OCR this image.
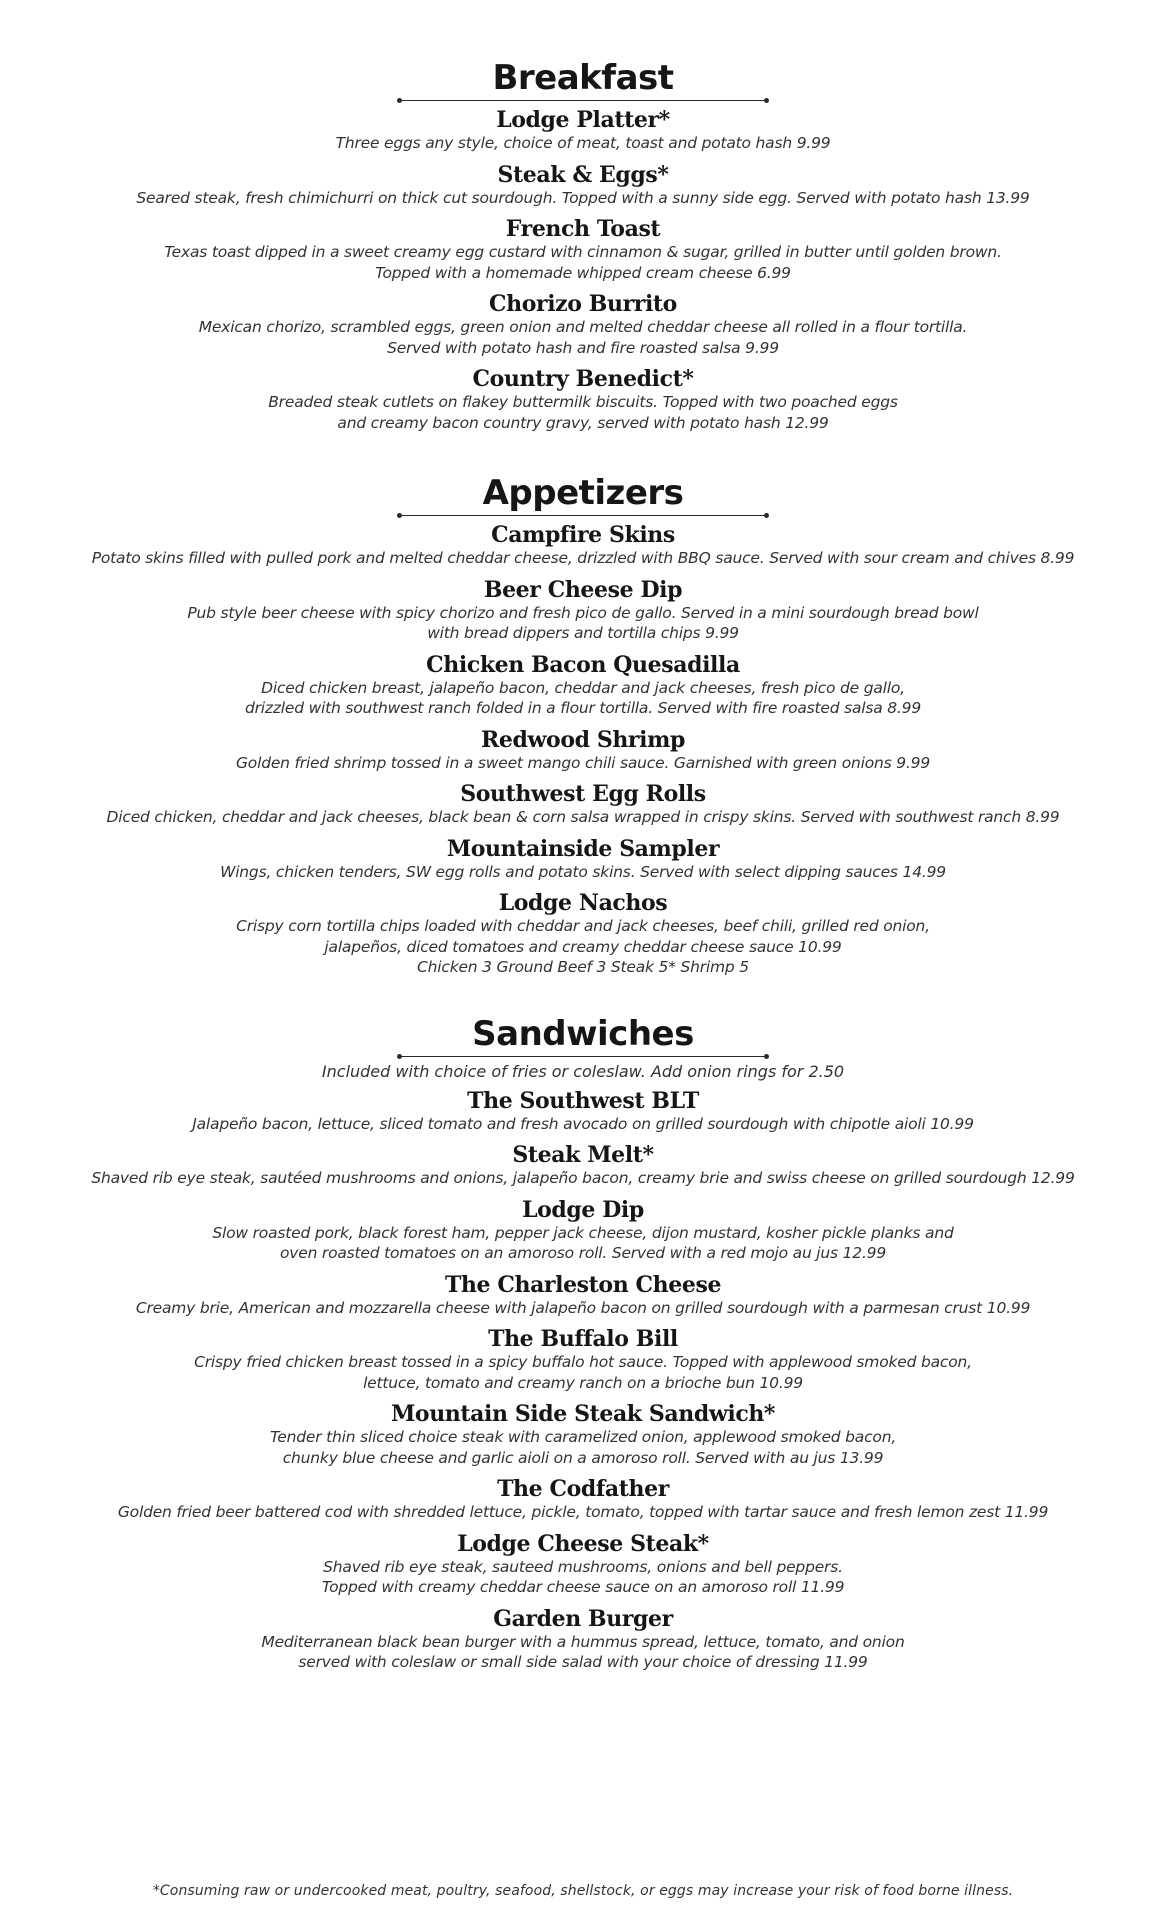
Breakfast
Lodge Platter*
Three eggs any style, choice of meat, toast and potato hash 9.99
Steak & Eggs*
Seared steak, fresh chimichurri on thick cut sourdough. Topped with a sunny side egg. Served with potato hash 13.99
French Toast
Texas toast dipped in a sweet creamy egg custard with cinnamon & sugar, grilled in butter until golden brown.
Topped with a homemade whipped cream cheese 6.99
Chorizo Burrito
Mexican chorizo, scrambled eggs, green onion and melted cheddar cheese all rolled in a flour tortilla.
Served with potato hash and fire roasted salsa 9.99
Country Benedict*
Breaded steak cutlets on flakey buttermilk biscuits. Topped with two poached eggs
and creamy bacon country gravy, served with potato hash 12.99
Appetizers
Campfire Skins
Potato skins filled with pulled pork and melted cheddar cheese, drizzled with BBQ sauce. Served with sour cream and chives 8.99
Beer Cheese Dip
Pub style beer cheese with spicy chorizo and fresh pico de gallo. Served in a mini sourdough bread bowl
with bread dippers and tortilla chips 9.99
Chicken Bacon Quesadilla
Diced chicken breast, jalapeño bacon, cheddar and jack cheeses, fresh pico de gallo,
drizzled with southwest ranch folded in a flour tortilla. Served with fire roasted salsa 8.99
Redwood Shrimp
Golden fried shrimp tossed in a sweet mango chili sauce. Garnished with green onions 9.99
Southwest Egg Rolls
Diced chicken, cheddar and jack cheeses, black bean & corn salsa wrapped in crispy skins. Served with southwest ranch 8.99
Mountainside Sampler
Wings, chicken tenders, SW egg rolls and potato skins. Served with select dipping sauces 14.99
Lodge Nachos
Crispy corn tortilla chips loaded with cheddar and jack cheeses, beef chili, grilled red onion,
jalapeños, diced tomatoes and creamy cheddar cheese sauce 10.99
Chicken 3 Ground Beef 3 Steak 5* Shrimp 5
Sandwiches
Included with choice of fries or coleslaw. Add onion rings for 2.50
The Southwest BLT
Jalapeño bacon, lettuce, sliced tomato and fresh avocado on grilled sourdough with chipotle aioli 10.99
Steak Melt*
Shaved rib eye steak, sautéed mushrooms and onions, jalapeño bacon, creamy brie and swiss cheese on grilled sourdough 12.99
Lodge Dip
Slow roasted pork, black forest ham, pepper jack cheese, dijon mustard, kosher pickle planks and
oven roasted tomatoes on an amoroso roll. Served with a red mojo au jus 12.99
The Charleston Cheese
Creamy brie, American and mozzarella cheese with jalapeño bacon on grilled sourdough with a parmesan crust 10.99
The Buffalo Bill
Crispy fried chicken breast tossed in a spicy buffalo hot sauce. Topped with applewood smoked bacon,
lettuce, tomato and creamy ranch on a brioche bun 10.99
Mountain Side Steak Sandwich*
Tender thin sliced choice steak with caramelized onion, applewood smoked bacon,
chunky blue cheese and garlic aioli on a amoroso roll. Served with au jus 13.99
The Codfather
Golden fried beer battered cod with shredded lettuce, pickle, tomato, topped with tartar sauce and fresh lemon zest 11.99
Lodge Cheese Steak*
Shaved rib eye steak, sauteed mushrooms, onions and bell peppers.
Topped with creamy cheddar cheese sauce on an amoroso roll 11.99
Garden Burger
Mediterranean black bean burger with a hummus spread, lettuce, tomato, and onion
served with coleslaw or small side salad with your choice of dressing 11.99
*Consuming raw or undercooked meat, poultry, seafood, shellstock, or eggs may increase your risk of food borne illness.
